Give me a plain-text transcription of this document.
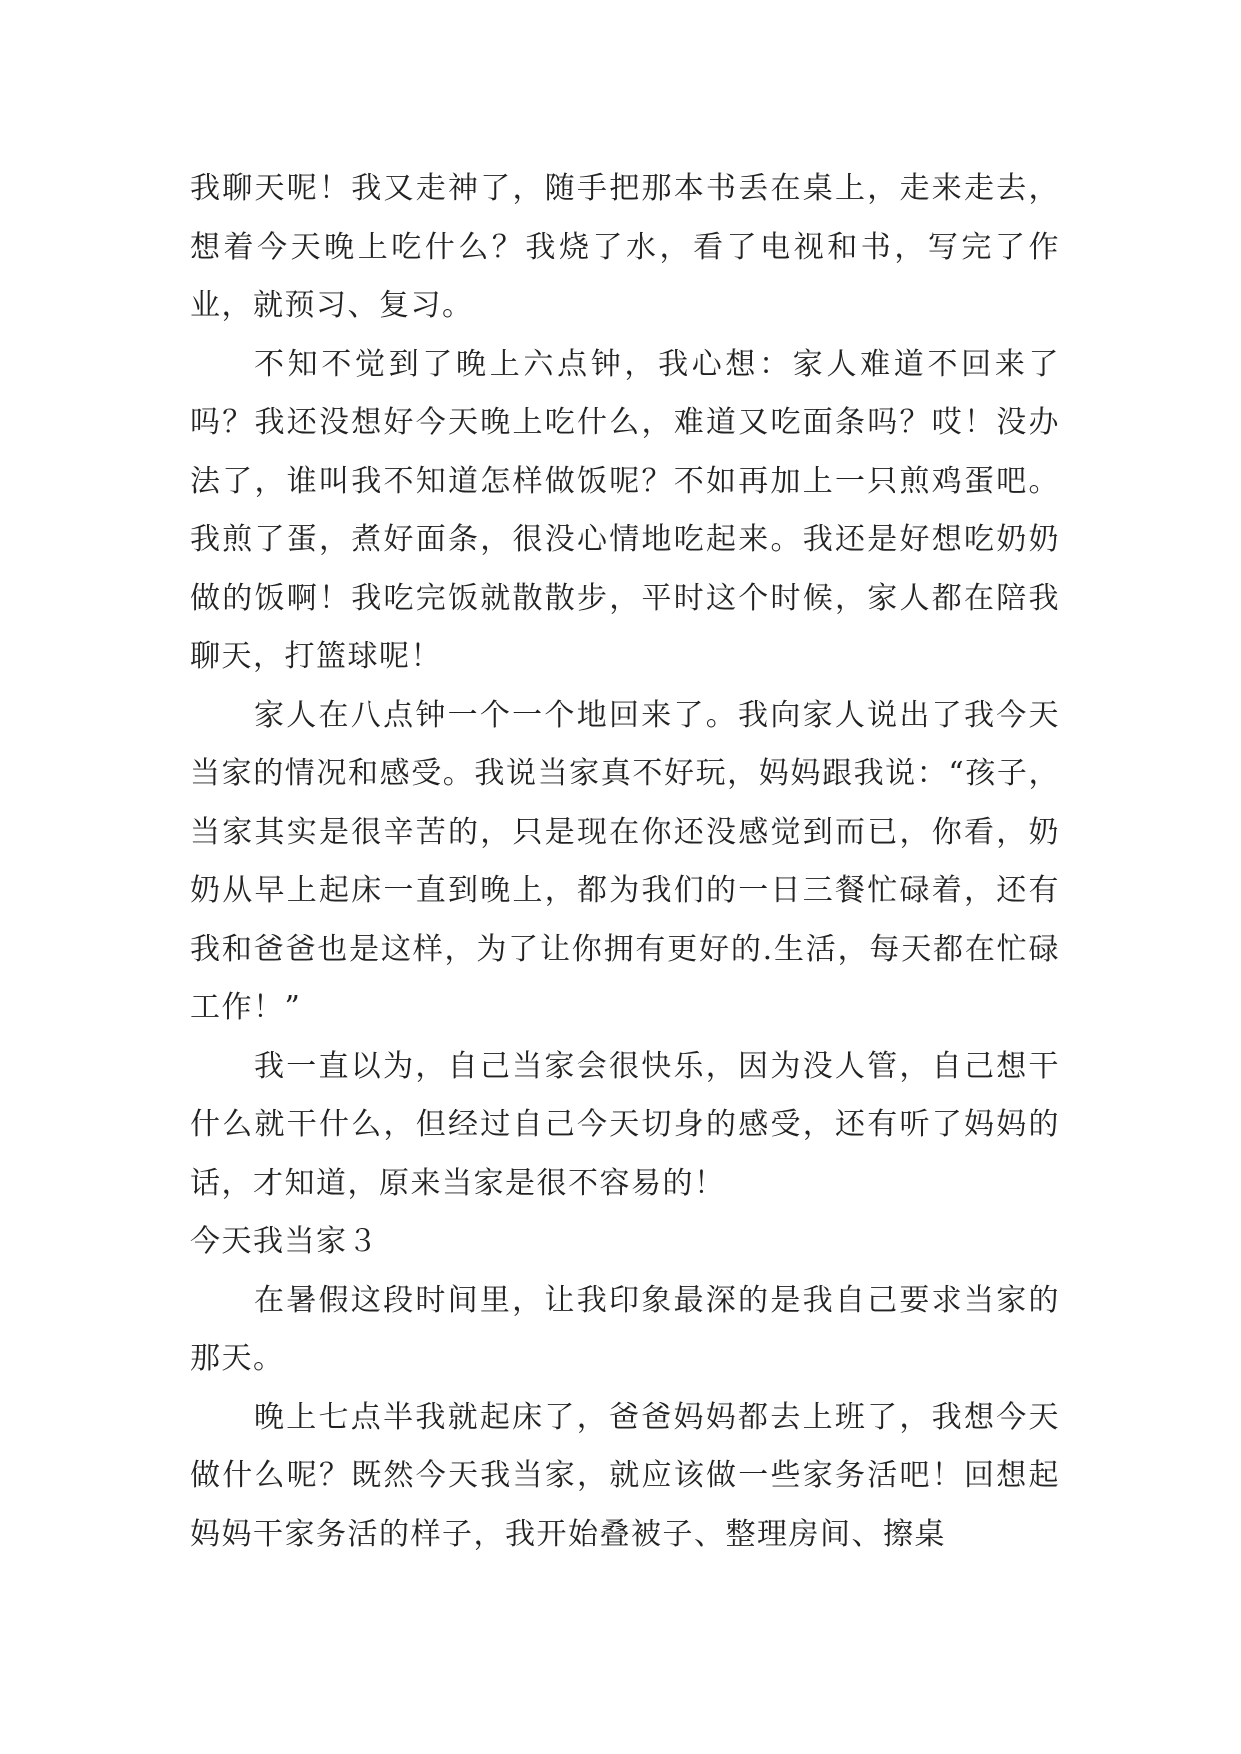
我聊天呢！我又走神了，随手把那本书丢在桌上，走来走去，想着今天晚上吃什么？我烧了水，看了电视和书，写完了作业，就预习、复习。

不知不觉到了晚上六点钟，我心想：家人难道不回来了吗？我还没想好今天晚上吃什么，难道又吃面条吗？哎！没办法了，谁叫我不知道怎样做饭呢？不如再加上一只煎鸡蛋吧。我煎了蛋，煮好面条，很没心情地吃起来。我还是好想吃奶奶做的饭啊！我吃完饭就散散步，平时这个时候，家人都在陪我聊天，打篮球呢！

家人在八点钟一个一个地回来了。我向家人说出了我今天当家的情况和感受。我说当家真不好玩，妈妈跟我说：“孩子，当家其实是很辛苦的，只是现在你还没感觉到而已，你看，奶奶从早上起床一直到晚上，都为我们的一日三餐忙碌着，还有我和爸爸也是这样，为了让你拥有更好的.生活，每天都在忙碌工作！”

我一直以为，自己当家会很快乐，因为没人管，自己想干什么就干什么，但经过自己今天切身的感受，还有听了妈妈的话，才知道，原来当家是很不容易的！

今天我当家３

在暑假这段时间里，让我印象最深的是我自己要求当家的那天。

晚上七点半我就起床了，爸爸妈妈都去上班了，我想今天做什么呢？既然今天我当家，就应该做一些家务活吧！回想起妈妈干家务活的样子，我开始叠被子、整理房间、擦桌
